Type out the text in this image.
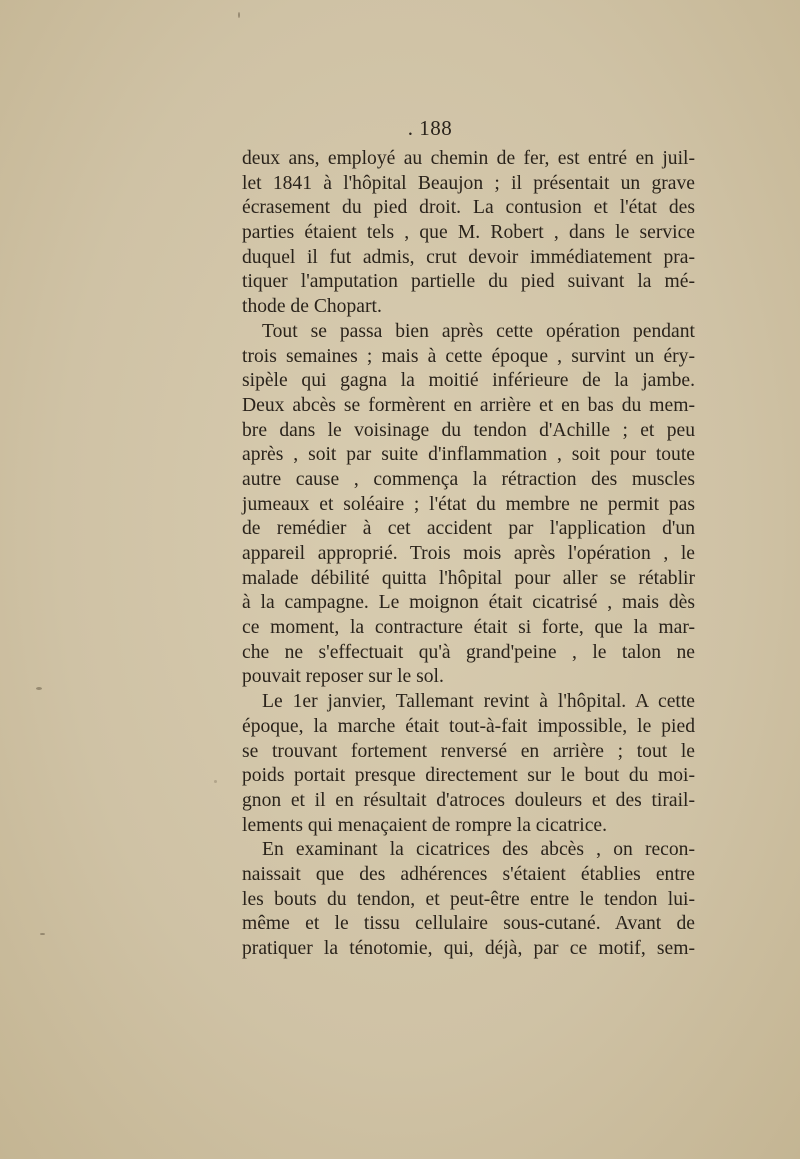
. 188
deux ans, employé au chemin de fer, est entré en juil-
let 1841 à l'hôpital Beaujon ; il présentait un grave
écrasement du pied droit. La contusion et l'état des
parties étaient tels , que M. Robert , dans le service
duquel il fut admis, crut devoir immédiatement pra-
tiquer l'amputation partielle du pied suivant la mé-
thode de Chopart.
Tout se passa bien après cette opération pendant
trois semaines ; mais à cette époque , survint un éry-
sipèle qui gagna la moitié inférieure de la jambe.
Deux abcès se formèrent en arrière et en bas du mem-
bre dans le voisinage du tendon d'Achille ; et peu
après , soit par suite d'inflammation , soit pour toute
autre cause , commença la rétraction des muscles
jumeaux et soléaire ; l'état du membre ne permit pas
de remédier à cet accident par l'application d'un
appareil approprié. Trois mois après l'opération , le
malade débilité quitta l'hôpital pour aller se rétablir
à la campagne. Le moignon était cicatrisé , mais dès
ce moment, la contracture était si forte, que la mar-
che ne s'effectuait qu'à grand'peine , le talon ne
pouvait reposer sur le sol.
Le 1er janvier, Tallemant revint à l'hôpital. A cette
époque, la marche était tout-à-fait impossible, le pied
se trouvant fortement renversé en arrière ; tout le
poids portait presque directement sur le bout du moi-
gnon et il en résultait d'atroces douleurs et des tirail-
lements qui menaçaient de rompre la cicatrice.
En examinant la cicatrices des abcès , on recon-
naissait que des adhérences s'étaient établies entre
les bouts du tendon, et peut-être entre le tendon lui-
même et le tissu cellulaire sous-cutané. Avant de
pratiquer la ténotomie, qui, déjà, par ce motif, sem-
